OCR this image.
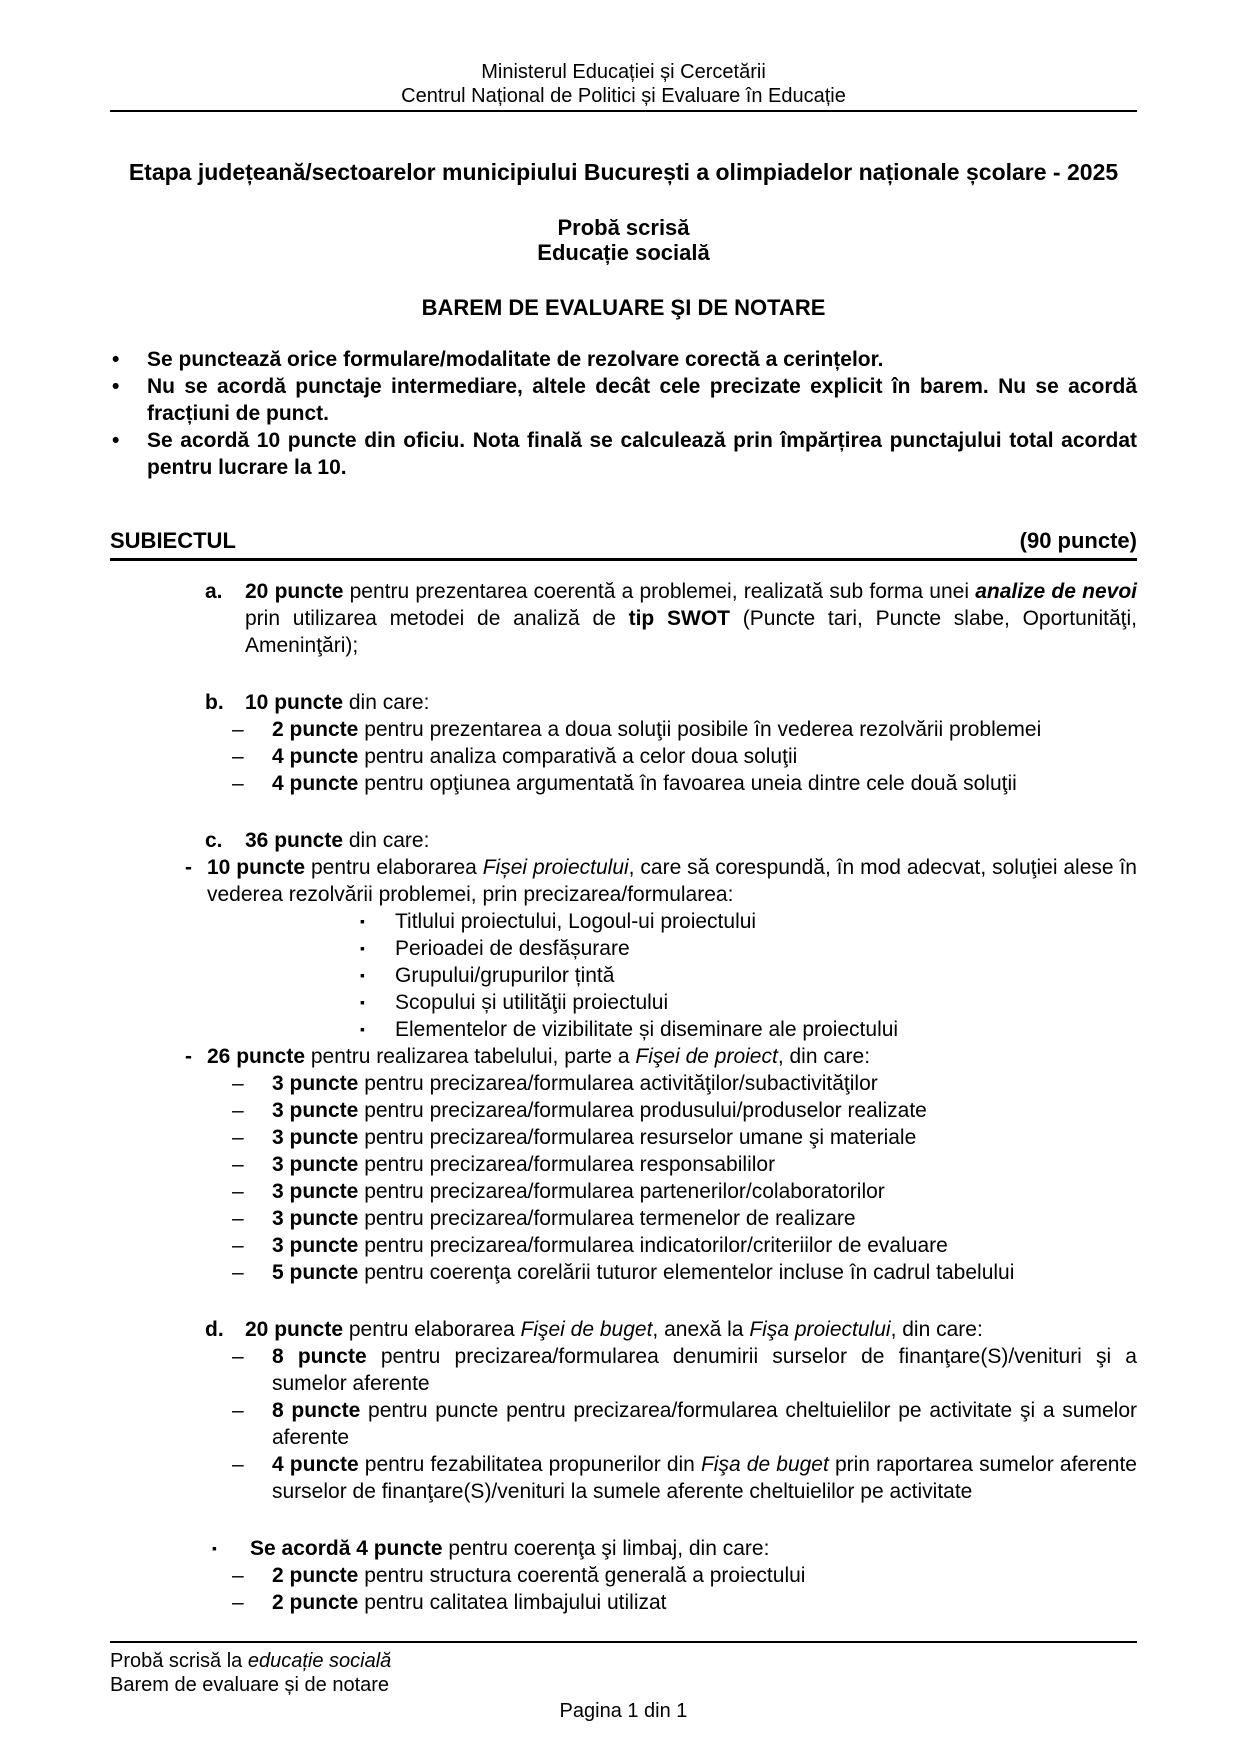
Ministerul Educației și Cercetării
Centrul Național de Politici și Evaluare în Educație
Etapa județeană/sectoarelor municipiului București a olimpiadelor naționale școlare - 2025
Probă scrisă
Educație socială
BAREM DE EVALUARE ŞI DE NOTARE
•	Se punctează orice formulare/modalitate de rezolvare corectă a cerințelor.
•	Nu se acordă punctaje intermediare, altele decât cele precizate explicit în barem. Nu se acordă fracțiuni de punct.
•	Se acordă 10 puncte din oficiu. Nota finală se calculează prin împărțirea punctajului total acordat pentru lucrare la 10.
SUBIECTUL	(90 puncte)
a.	20 puncte pentru prezentarea coerentă a problemei, realizată sub forma unei analize de nevoi prin utilizarea metodei de analiză de tip SWOT (Puncte tari, Puncte slabe, Oportunităţi, Ameninţări);
b.	10 puncte din care:
–	2 puncte pentru prezentarea a doua soluţii posibile în vederea rezolvării problemei
–	4 puncte pentru analiza comparativă a celor doua soluţii
–	4 puncte pentru opţiunea argumentată în favoarea uneia dintre cele două soluţii
c.	36 puncte din care:
- 10 puncte pentru elaborarea Fișei proiectului, care să corespundă, în mod adecvat, soluţiei alese în vederea rezolvării problemei, prin precizarea/formularea:
▪	Titlului proiectului, Logoul-ui proiectului
▪	Perioadei de desfășurare
▪	Grupului/grupurilor țintă
▪	Scopului și utilităţii proiectului
▪	Elementelor de vizibilitate și diseminare ale proiectului
- 26 puncte pentru realizarea tabelului, parte a Fişei de proiect, din care:
–	3 puncte pentru precizarea/formularea activităţilor/subactivităţilor
–	3 puncte pentru precizarea/formularea produsului/produselor realizate
–	3 puncte pentru precizarea/formularea resurselor umane şi materiale
–	3 puncte pentru precizarea/formularea responsabililor
–	3 puncte pentru precizarea/formularea partenerilor/colaboratorilor
–	3 puncte pentru precizarea/formularea termenelor de realizare
–	3 puncte pentru precizarea/formularea indicatorilor/criteriilor de evaluare
–	5 puncte pentru coerenţa corelării tuturor elementelor incluse în cadrul tabelului
d.	20 puncte pentru elaborarea Fişei de buget, anexă la Fişa proiectului, din care:
–	8 puncte pentru precizarea/formularea denumirii surselor de finanţare(S)/venituri şi a sumelor aferente
–	8 puncte pentru puncte pentru precizarea/formularea cheltuielilor pe activitate şi a sumelor aferente
–	4 puncte pentru fezabilitatea propunerilor din Fişa de buget prin raportarea sumelor aferente surselor de finanţare(S)/venituri la sumele aferente cheltuielilor pe activitate
▪	Se acordă 4 puncte pentru coerenţa şi limbaj, din care:
–	2 puncte pentru structura coerentă generală a proiectului
–	2 puncte pentru calitatea limbajului utilizat
Probă scrisă la educație socială
Barem de evaluare și de notare
Pagina 1 din 1
